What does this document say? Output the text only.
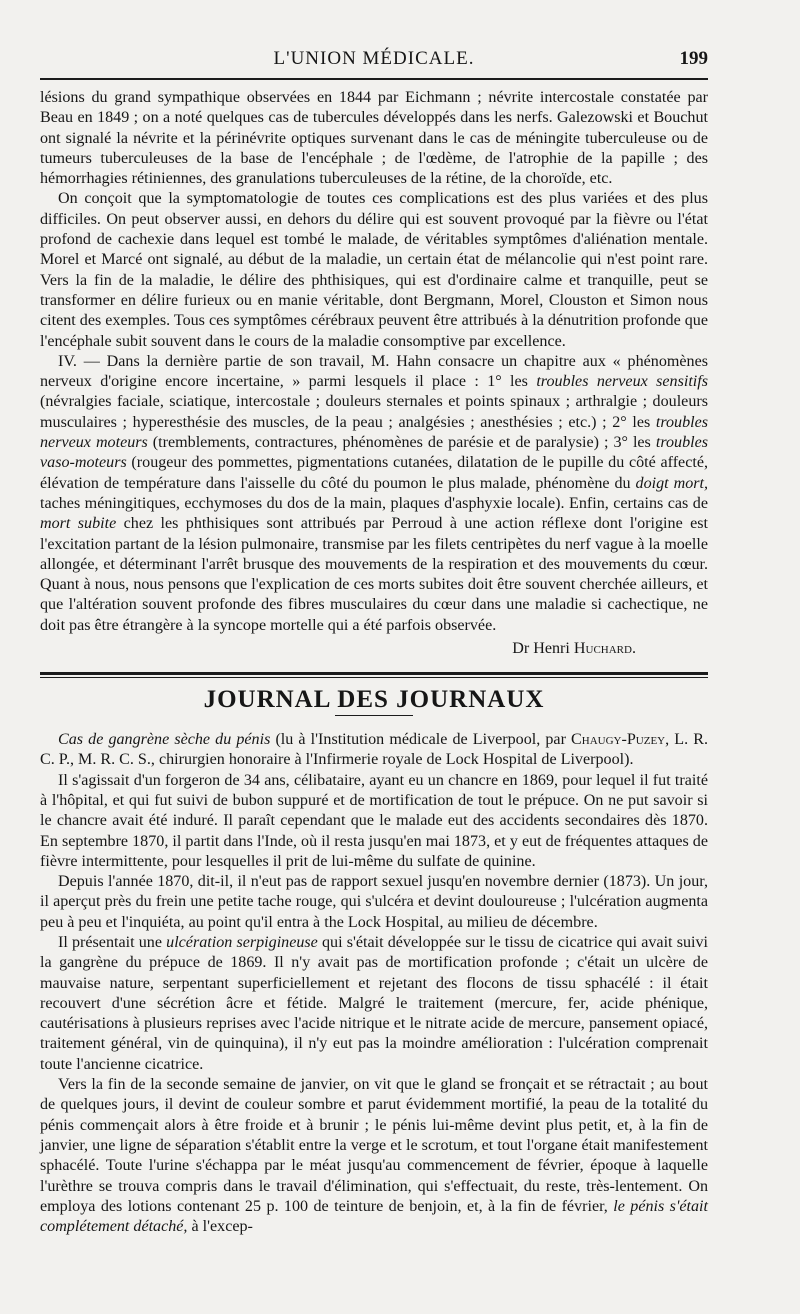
L'UNION MÉDICALE.	199

lésions du grand sympathique observées en 1844 par Eichmann ; névrite intercostale constatée par Beau en 1849 ; on a noté quelques cas de tubercules développés dans les nerfs. Galezowski et Bouchut ont signalé la névrite et la périnévrite optiques survenant dans le cas de méningite tuberculeuse ou de tumeurs tuberculeuses de la base de l'encéphale ; de l'œdème, de l'atrophie de la papille ; des hémorrhagies rétiniennes, des granulations tuberculeuses de la rétine, de la choroïde, etc.

On conçoit que la symptomatologie de toutes ces complications est des plus variées et des plus difficiles. On peut observer aussi, en dehors du délire qui est souvent provoqué par la fièvre ou l'état profond de cachexie dans lequel est tombé le malade, de véritables symptômes d'aliénation mentale. Morel et Marcé ont signalé, au début de la maladie, un certain état de mélancolie qui n'est point rare. Vers la fin de la maladie, le délire des phthisiques, qui est d'ordinaire calme et tranquille, peut se transformer en délire furieux ou en manie véritable, dont Bergmann, Morel, Clouston et Simon nous citent des exemples. Tous ces symptômes cérébraux peuvent être attribués à la dénutrition profonde que l'encéphale subit souvent dans le cours de la maladie consomptive par excellence.

IV. — Dans la dernière partie de son travail, M. Hahn consacre un chapitre aux « phénomènes nerveux d'origine encore incertaine, » parmi lesquels il place : 1° les troubles nerveux sensitifs (névralgies faciale, sciatique, intercostale ; douleurs sternales et points spinaux ; arthralgie ; douleurs musculaires ; hyperesthésie des muscles, de la peau ; analgésies ; anesthésies ; etc.) ; 2° les troubles nerveux moteurs (tremblements, contractures, phénomènes de parésie et de paralysie) ; 3° les troubles vaso-moteurs (rougeur des pommettes, pigmentations cutanées, dilatation de le pupille du côté affecté, élévation de température dans l'aisselle du côté du poumon le plus malade, phénomène du doigt mort, taches méningitiques, ecchymoses du dos de la main, plaques d'asphyxie locale). Enfin, certains cas de mort subite chez les phthisiques sont attribués par Perroud à une action réflexe dont l'origine est l'excitation partant de la lésion pulmonaire, transmise par les filets centripètes du nerf vague à la moelle allongée, et déterminant l'arrêt brusque des mouvements de la respiration et des mouvements du cœur. Quant à nous, nous pensons que l'explication de ces morts subites doit être souvent cherchée ailleurs, et que l'altération souvent profonde des fibres musculaires du cœur dans une maladie si cachectique, ne doit pas être étrangère à la syncope mortelle qui a été parfois observée.

Dr Henri Huchard.
JOURNAL DES JOURNAUX

Cas de gangrène sèche du pénis (lu à l'Institution médicale de Liverpool, par Chaugy-Puzey, L. R. C. P., M. R. C. S., chirurgien honoraire à l'Infirmerie royale de Lock Hospital de Liverpool).

Il s'agissait d'un forgeron de 34 ans, célibataire, ayant eu un chancre en 1869, pour lequel il fut traité à l'hôpital, et qui fut suivi de bubon suppuré et de mortification de tout le prépuce. On ne put savoir si le chancre avait été induré. Il paraît cependant que le malade eut des accidents secondaires dès 1870. En septembre 1870, il partit dans l'Inde, où il resta jusqu'en mai 1873, et y eut de fréquentes attaques de fièvre intermittente, pour lesquelles il prit de lui-même du sulfate de quinine.

Depuis l'année 1870, dit-il, il n'eut pas de rapport sexuel jusqu'en novembre dernier (1873). Un jour, il aperçut près du frein une petite tache rouge, qui s'ulcéra et devint douloureuse ; l'ulcération augmenta peu à peu et l'inquiéta, au point qu'il entra à the Lock Hospital, au milieu de décembre.

Il présentait une ulcération serpigineuse qui s'était développée sur le tissu de cicatrice qui avait suivi la gangrène du prépuce de 1869. Il n'y avait pas de mortification profonde ; c'était un ulcère de mauvaise nature, serpentant superficiellement et rejetant des flocons de tissu sphacélé : il était recouvert d'une sécrétion âcre et fétide. Malgré le traitement (mercure, fer, acide phénique, cautérisations à plusieurs reprises avec l'acide nitrique et le nitrate acide de mercure, pansement opiacé, traitement général, vin de quinquina), il n'y eut pas la moindre amélioration : l'ulcération comprenait toute l'ancienne cicatrice.

Vers la fin de la seconde semaine de janvier, on vit que le gland se fronçait et se rétractait ; au bout de quelques jours, il devint de couleur sombre et parut évidemment mortifié, la peau de la totalité du pénis commençait alors à être froide et à brunir ; le pénis lui-même devint plus petit, et, à la fin de janvier, une ligne de séparation s'établit entre la verge et le scrotum, et tout l'organe était manifestement sphacélé. Toute l'urine s'échappa par le méat jusqu'au commencement de février, époque à laquelle l'urèthre se trouva compris dans le travail d'élimination, qui s'effectuait, du reste, très-lentement. On employa des lotions contenant 25 p. 100 de teinture de benjoin, et, à la fin de février, le pénis s'était complétement détaché, à l'excep-
